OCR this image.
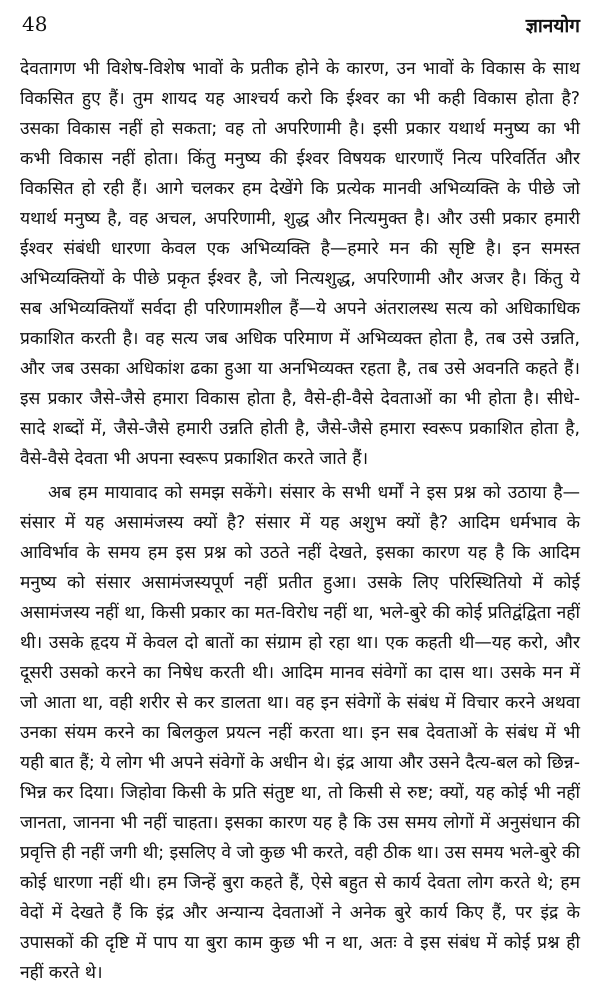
48	ज्ञानयोग

देवतागण भी विशेष-विशेष भावों के प्रतीक होने के कारण, उन भावों के विकास के साथ विकसित हुए हैं। तुम शायद यह आश्चर्य करो कि ईश्वर का भी कही विकास होता है? उसका विकास नहीं हो सकता; वह तो अपरिणामी है। इसी प्रकार यथार्थ मनुष्य का भी कभी विकास नहीं होता। किंतु मनुष्य की ईश्वर विषयक धारणाएँ नित्य परिवर्तित और विकसित हो रही हैं। आगे चलकर हम देखेंगे कि प्रत्येक मानवी अभिव्यक्ति के पीछे जो यथार्थ मनुष्य है, वह अचल, अपरिणामी, शुद्ध और नित्यमुक्त है। और उसी प्रकार हमारी ईश्वर संबंधी धारणा केवल एक अभिव्यक्ति है—हमारे मन की सृष्टि है। इन समस्त अभिव्यक्तियों के पीछे प्रकृत ईश्वर है, जो नित्यशुद्ध, अपरिणामी और अजर है। किंतु ये सब अभिव्यक्तियाँ सर्वदा ही परिणामशील हैं—ये अपने अंतरालस्थ सत्य को अधिकाधिक प्रकाशित करती है। वह सत्य जब अधिक परिमाण में अभिव्यक्त होता है, तब उसे उन्नति, और जब उसका अधिकांश ढका हुआ या अनभिव्यक्त रहता है, तब उसे अवनति कहते हैं। इस प्रकार जैसे-जैसे हमारा विकास होता है, वैसे-ही-वैसे देवताओं का भी होता है। सीधे-सादे शब्दों में, जैसे-जैसे हमारी उन्नति होती है, जैसे-जैसे हमारा स्वरूप प्रकाशित होता है, वैसे-वैसे देवता भी अपना स्वरूप प्रकाशित करते जाते हैं।

अब हम मायावाद को समझ सकेंगे। संसार के सभी धर्मों ने इस प्रश्न को उठाया है—संसार में यह असामंजस्य क्यों है? संसार में यह अशुभ क्यों है? आदिम धर्मभाव के आविर्भाव के समय हम इस प्रश्न को उठते नहीं देखते, इसका कारण यह है कि आदिम मनुष्य को संसार असामंजस्यपूर्ण नहीं प्रतीत हुआ। उसके लिए परिस्थितियो में कोई असामंजस्य नहीं था, किसी प्रकार का मत-विरोध नहीं था, भले-बुरे की कोई प्रतिद्वंद्विता नहीं थी। उसके हृदय में केवल दो बातों का संग्राम हो रहा था। एक कहती थी—यह करो, और दूसरी उसको करने का निषेध करती थी। आदिम मानव संवेगों का दास था। उसके मन में जो आता था, वही शरीर से कर डालता था। वह इन संवेगों के संबंध में विचार करने अथवा उनका संयम करने का बिलकुल प्रयत्न नहीं करता था। इन सब देवताओं के संबंध में भी यही बात हैं; ये लोग भी अपने संवेगों के अधीन थे। इंद्र आया और उसने दैत्य-बल को छिन्न-भिन्न कर दिया। जिहोवा किसी के प्रति संतुष्ट था, तो किसी से रुष्ट; क्यों, यह कोई भी नहीं जानता, जानना भी नहीं चाहता। इसका कारण यह है कि उस समय लोगों में अनुसंधान की प्रवृत्ति ही नहीं जगी थी; इसलिए वे जो कुछ भी करते, वही ठीक था। उस समय भले-बुरे की कोई धारणा नहीं थी। हम जिन्हें बुरा कहते हैं, ऐसे बहुत से कार्य देवता लोग करते थे; हम वेदों में देखते हैं कि इंद्र और अन्यान्य देवताओं ने अनेक बुरे कार्य किए हैं, पर इंद्र के उपासकों की दृष्टि में पाप या बुरा काम कुछ भी न था, अतः वे इस संबंध में कोई प्रश्न ही नहीं करते थे।
